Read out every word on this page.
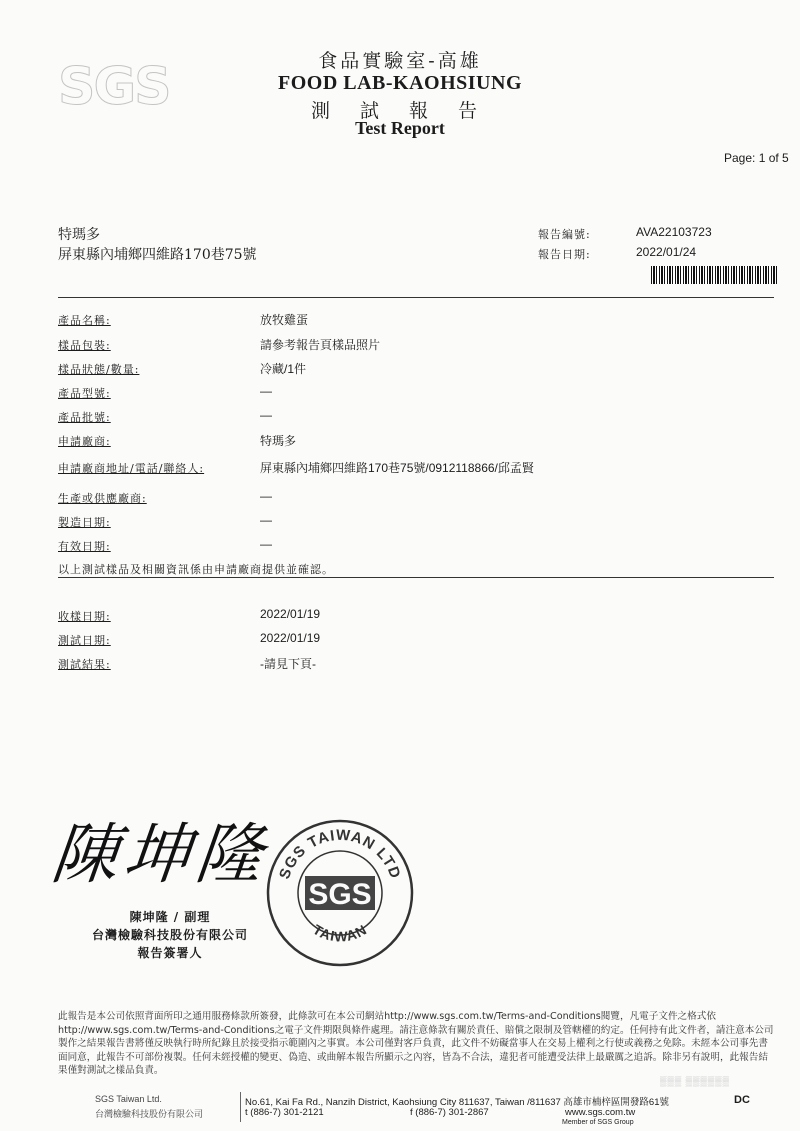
SGS	食品實驗室-高雄
FOOD LAB-KAOHSIUNG
測 試 報 告
Test Report
Page: 1 of 5
特瑪多
屏東縣內埔鄉四維路170巷75號
報告編號:	AVA22103723
報告日期:	2022/01/24
產品名稱:	放牧雞蛋
樣品包裝:	請參考報告頁樣品照片
樣品狀態/數量:	冷藏/1件
產品型號:	—
產品批號:	—
申請廠商:	特瑪多
申請廠商地址/電話/聯絡人:	屏東縣內埔鄉四維路170巷75號/0912118866/邱孟賢
生產或供應廠商:	—
製造日期:	—
有效日期:	—
以上測試樣品及相關資訊係由申請廠商提供並確認。
收樣日期:	2022/01/19
測試日期:	2022/01/19
測試結果:	-請見下頁-
陳坤隆
陳坤隆 / 副理
台灣檢驗科技股份有限公司
報告簽署人
SGS TAIWAN LTD
SGS
TAIWAN
此報告是本公司依照背面所印之通用服務條款所簽發，此條款可在本公司網站http://www.sgs.com.tw/Terms-and-Conditions閱覽，凡電子文件之格式依http://www.sgs.com.tw/Terms-and-Conditions之電子文件期限與條件處理。請注意條款有關於責任、賠償之限制及管轄權的約定。任何持有此文件者，請注意本公司製作之結果報告書將僅反映執行時所紀錄且於接受指示範圍內之事實。本公司僅對客戶負責，此文件不妨礙當事人在交易上權利之行使或義務之免除。未經本公司事先書面同意，此報告不可部份複製。任何未經授權的變更、偽造、或曲解本報告所顯示之內容，皆為不合法，違犯者可能遭受法律上最嚴厲之追訴。除非另有說明，此報告結果僅對測試之樣品負責。
▒▒▒ ▒▒▒▒▒▒
SGS Taiwan Ltd.
台灣檢驗科技股份有限公司
No.61, Kai Fa Rd., Nanzih District, Kaohsiung City 811637, Taiwan /811637 高雄市楠梓區開發路61號
t (886-7) 301-2121	f (886-7) 301-2867	www.sgs.com.tw
Member of SGS Group
DC
